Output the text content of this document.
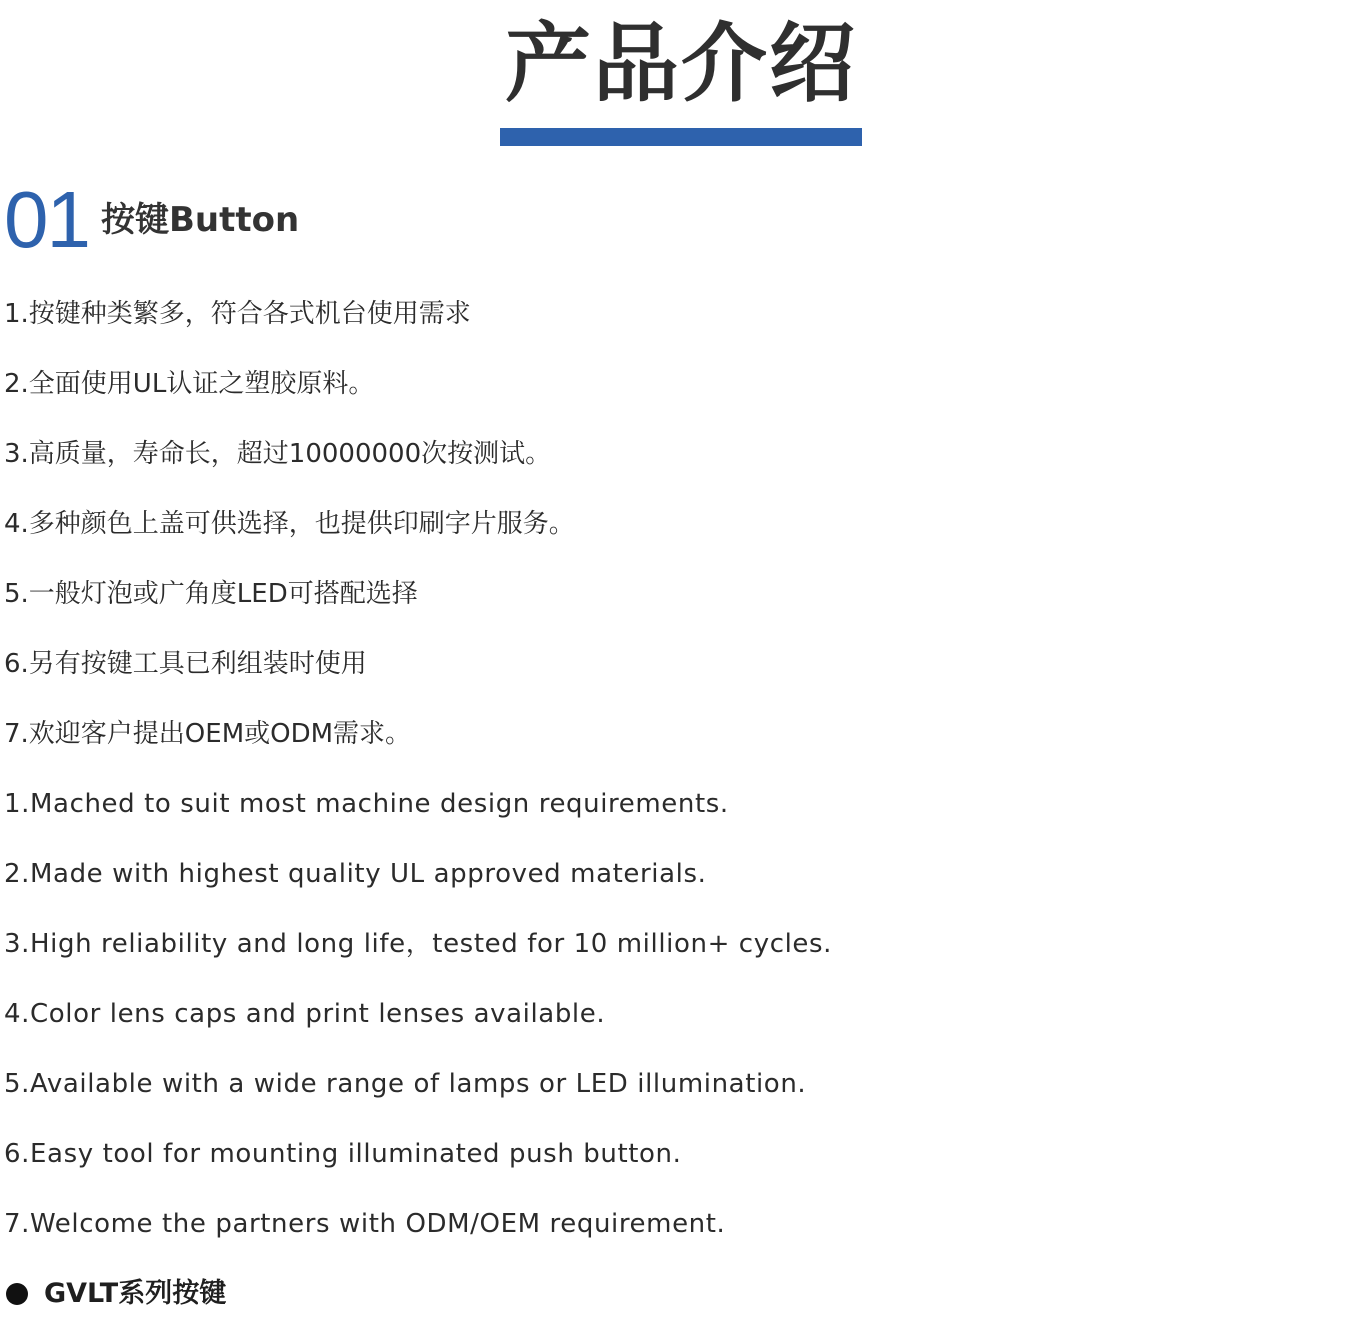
产品介绍
01 按键Button
1.按键种类繁多，符合各式机台使用需求
2.全面使用UL认证之塑胶原料。
3.高质量，寿命长，超过10000000次按测试。
4.多种颜色上盖可供选择，也提供印刷字片服务。
5.一般灯泡或广角度LED可搭配选择
6.另有按键工具已利组装时使用
7.欢迎客户提出OEM或ODM需求。
1.Mached to suit most machine design requirements.
2.Made with highest quality UL approved materials.
3.High reliability and long life，tested for 10 million+ cycles.
4.Color lens caps and print lenses available.
5.Available with a wide range of lamps or LED illumination.
6.Easy tool for mounting illuminated push button.
7.Welcome the partners with ODM/OEM requirement.
GVLT系列按键
